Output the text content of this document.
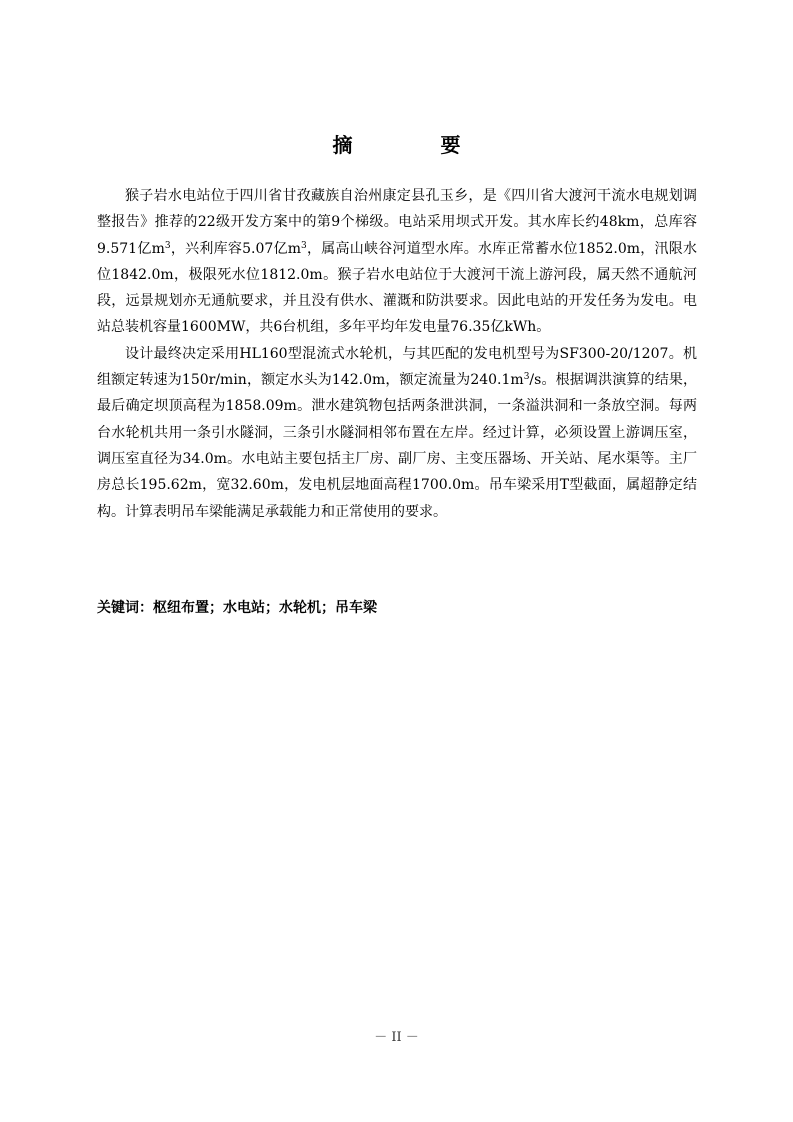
摘　要

猴子岩水电站位于四川省甘孜藏族自治州康定县孔玉乡，是《四川省大渡河干流水电规划调整报告》推荐的22级开发方案中的第9个梯级。电站采用坝式开发。其水库长约48km，总库容9.571亿$m^3$，兴利库容5.07亿$m^3$，属高山峡谷河道型水库。水库正常蓄水位1852.0m，汛限水位1842.0m，极限死水位1812.0m。猴子岩水电站位于大渡河干流上游河段，属天然不通航河段，远景规划亦无通航要求，并且没有供水、灌溉和防洪要求。因此电站的开发任务为发电。电站总装机容量1600MW，共6台机组，多年平均年发电量76.35亿kWh。

设计最终决定采用HL160型混流式水轮机，与其匹配的发电机型号为SF300-20/1207。机组额定转速为150r/min，额定水头为142.0m，额定流量为$240.1m^3/s$。根据调洪演算的结果，最后确定坝顶高程为1858.09m。泄水建筑物包括两条泄洪洞，一条溢洪洞和一条放空洞。每两台水轮机共用一条引水隧洞，三条引水隧洞相邻布置在左岸。经过计算，必须设置上游调压室，调压室直径为34.0m。水电站主要包括主厂房、副厂房、主变压器场、开关站、尾水渠等。主厂房总长195.62m，宽32.60m，发电机层地面高程1700.0m。吊车梁采用T型截面，属超静定结构。计算表明吊车梁能满足承载能力和正常使用的要求。

关键词：枢纽布置；水电站；水轮机；吊车梁

－ II －
